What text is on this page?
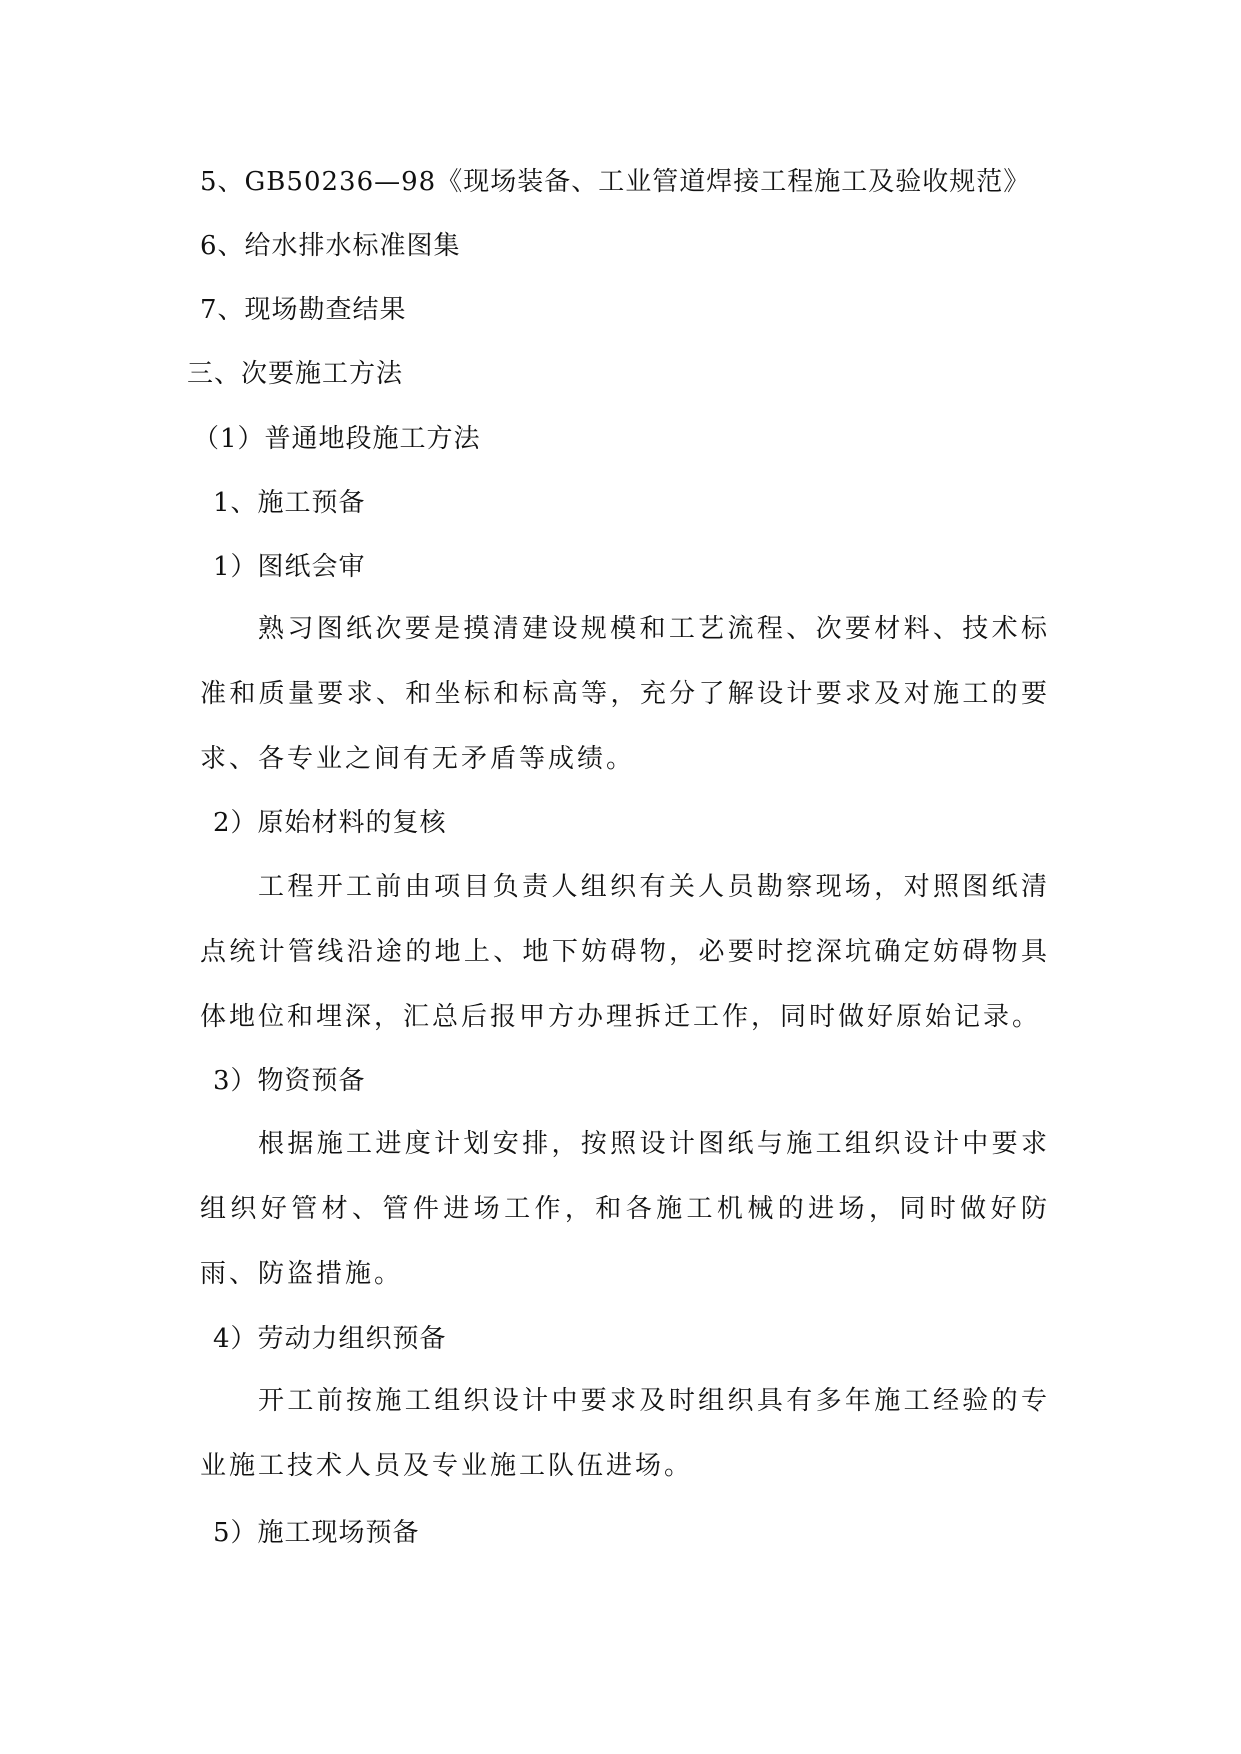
5、GB50236—98《现场装备、工业管道焊接工程施工及验收规范》
6、给水排水标准图集
7、现场勘查结果
三、次要施工方法
（1）普通地段施工方法
1、施工预备
1）图纸会审

熟习图纸次要是摸清建设规模和工艺流程、次要材料、技术标准和质量要求、和坐标和标高等，充分了解设计要求及对施工的要求、各专业之间有无矛盾等成绩。

2）原始材料的复核

工程开工前由项目负责人组织有关人员勘察现场，对照图纸清点统计管线沿途的地上、地下妨碍物，必要时挖深坑确定妨碍物具体地位和埋深，汇总后报甲方办理拆迁工作，同时做好原始记录。

3）物资预备

根据施工进度计划安排，按照设计图纸与施工组织设计中要求组织好管材、管件进场工作，和各施工机械的进场，同时做好防雨、防盗措施。

4）劳动力组织预备

开工前按施工组织设计中要求及时组织具有多年施工经验的专业施工技术人员及专业施工队伍进场。

5）施工现场预备
